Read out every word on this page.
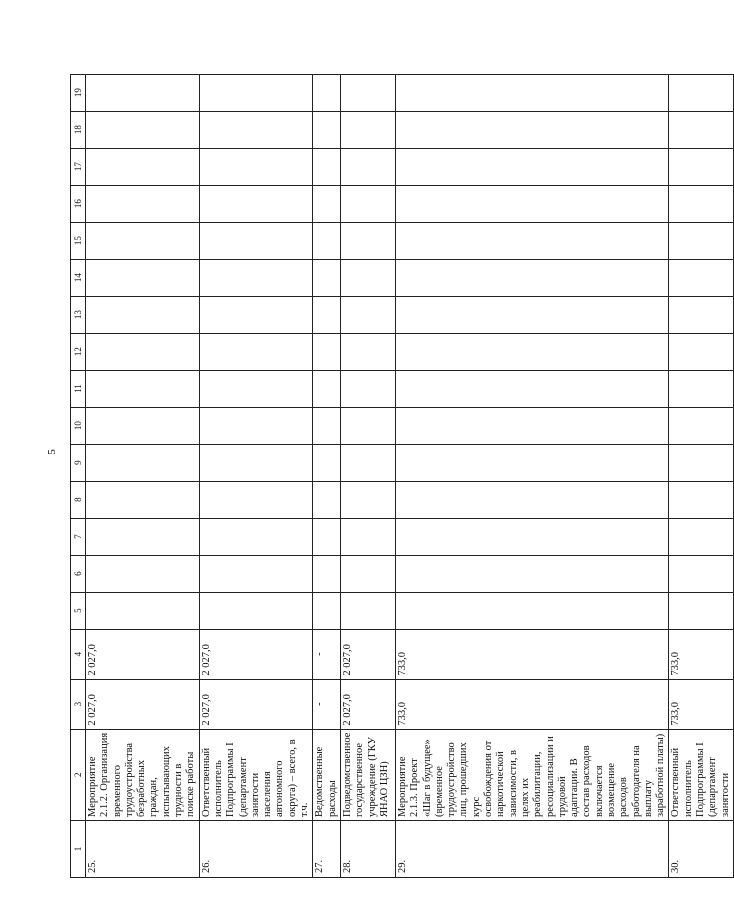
5
1	2	3	4	5	6	7	8	9	10	11	12	13	14	15	16	17	18	19
25.	Мероприятие 2.1.2. Организация временного трудоустройства безработных граждан, испытывающих трудности в поиске работы	2 027,0	2 027,0															
26.	Ответственный исполнитель Подпрограммы I (департамент занятости населения автономного округа) – всего, в т.ч.	2 027,0	2 027,0															
27.	Ведомственные расходы	-	-															
28.	Подведомственное государственное учреждение (ГКУ ЯНАО ЦЗН)	2 027,0	2 027,0															
29.	Мероприятие 2.1.3. Проект «Шаг в будущее» (временное трудоустройство лиц, прошедших курс освобождения от наркотической зависимости, в целях их реабилитации, ресоциализации и трудовой адаптации. В состав расходов включается возмещение расходов работодателя на выплату заработной платы)	733,0	733,0															
30.	Ответственный исполнитель Подпрограммы I (департамент занятости	733,0	733,0															
